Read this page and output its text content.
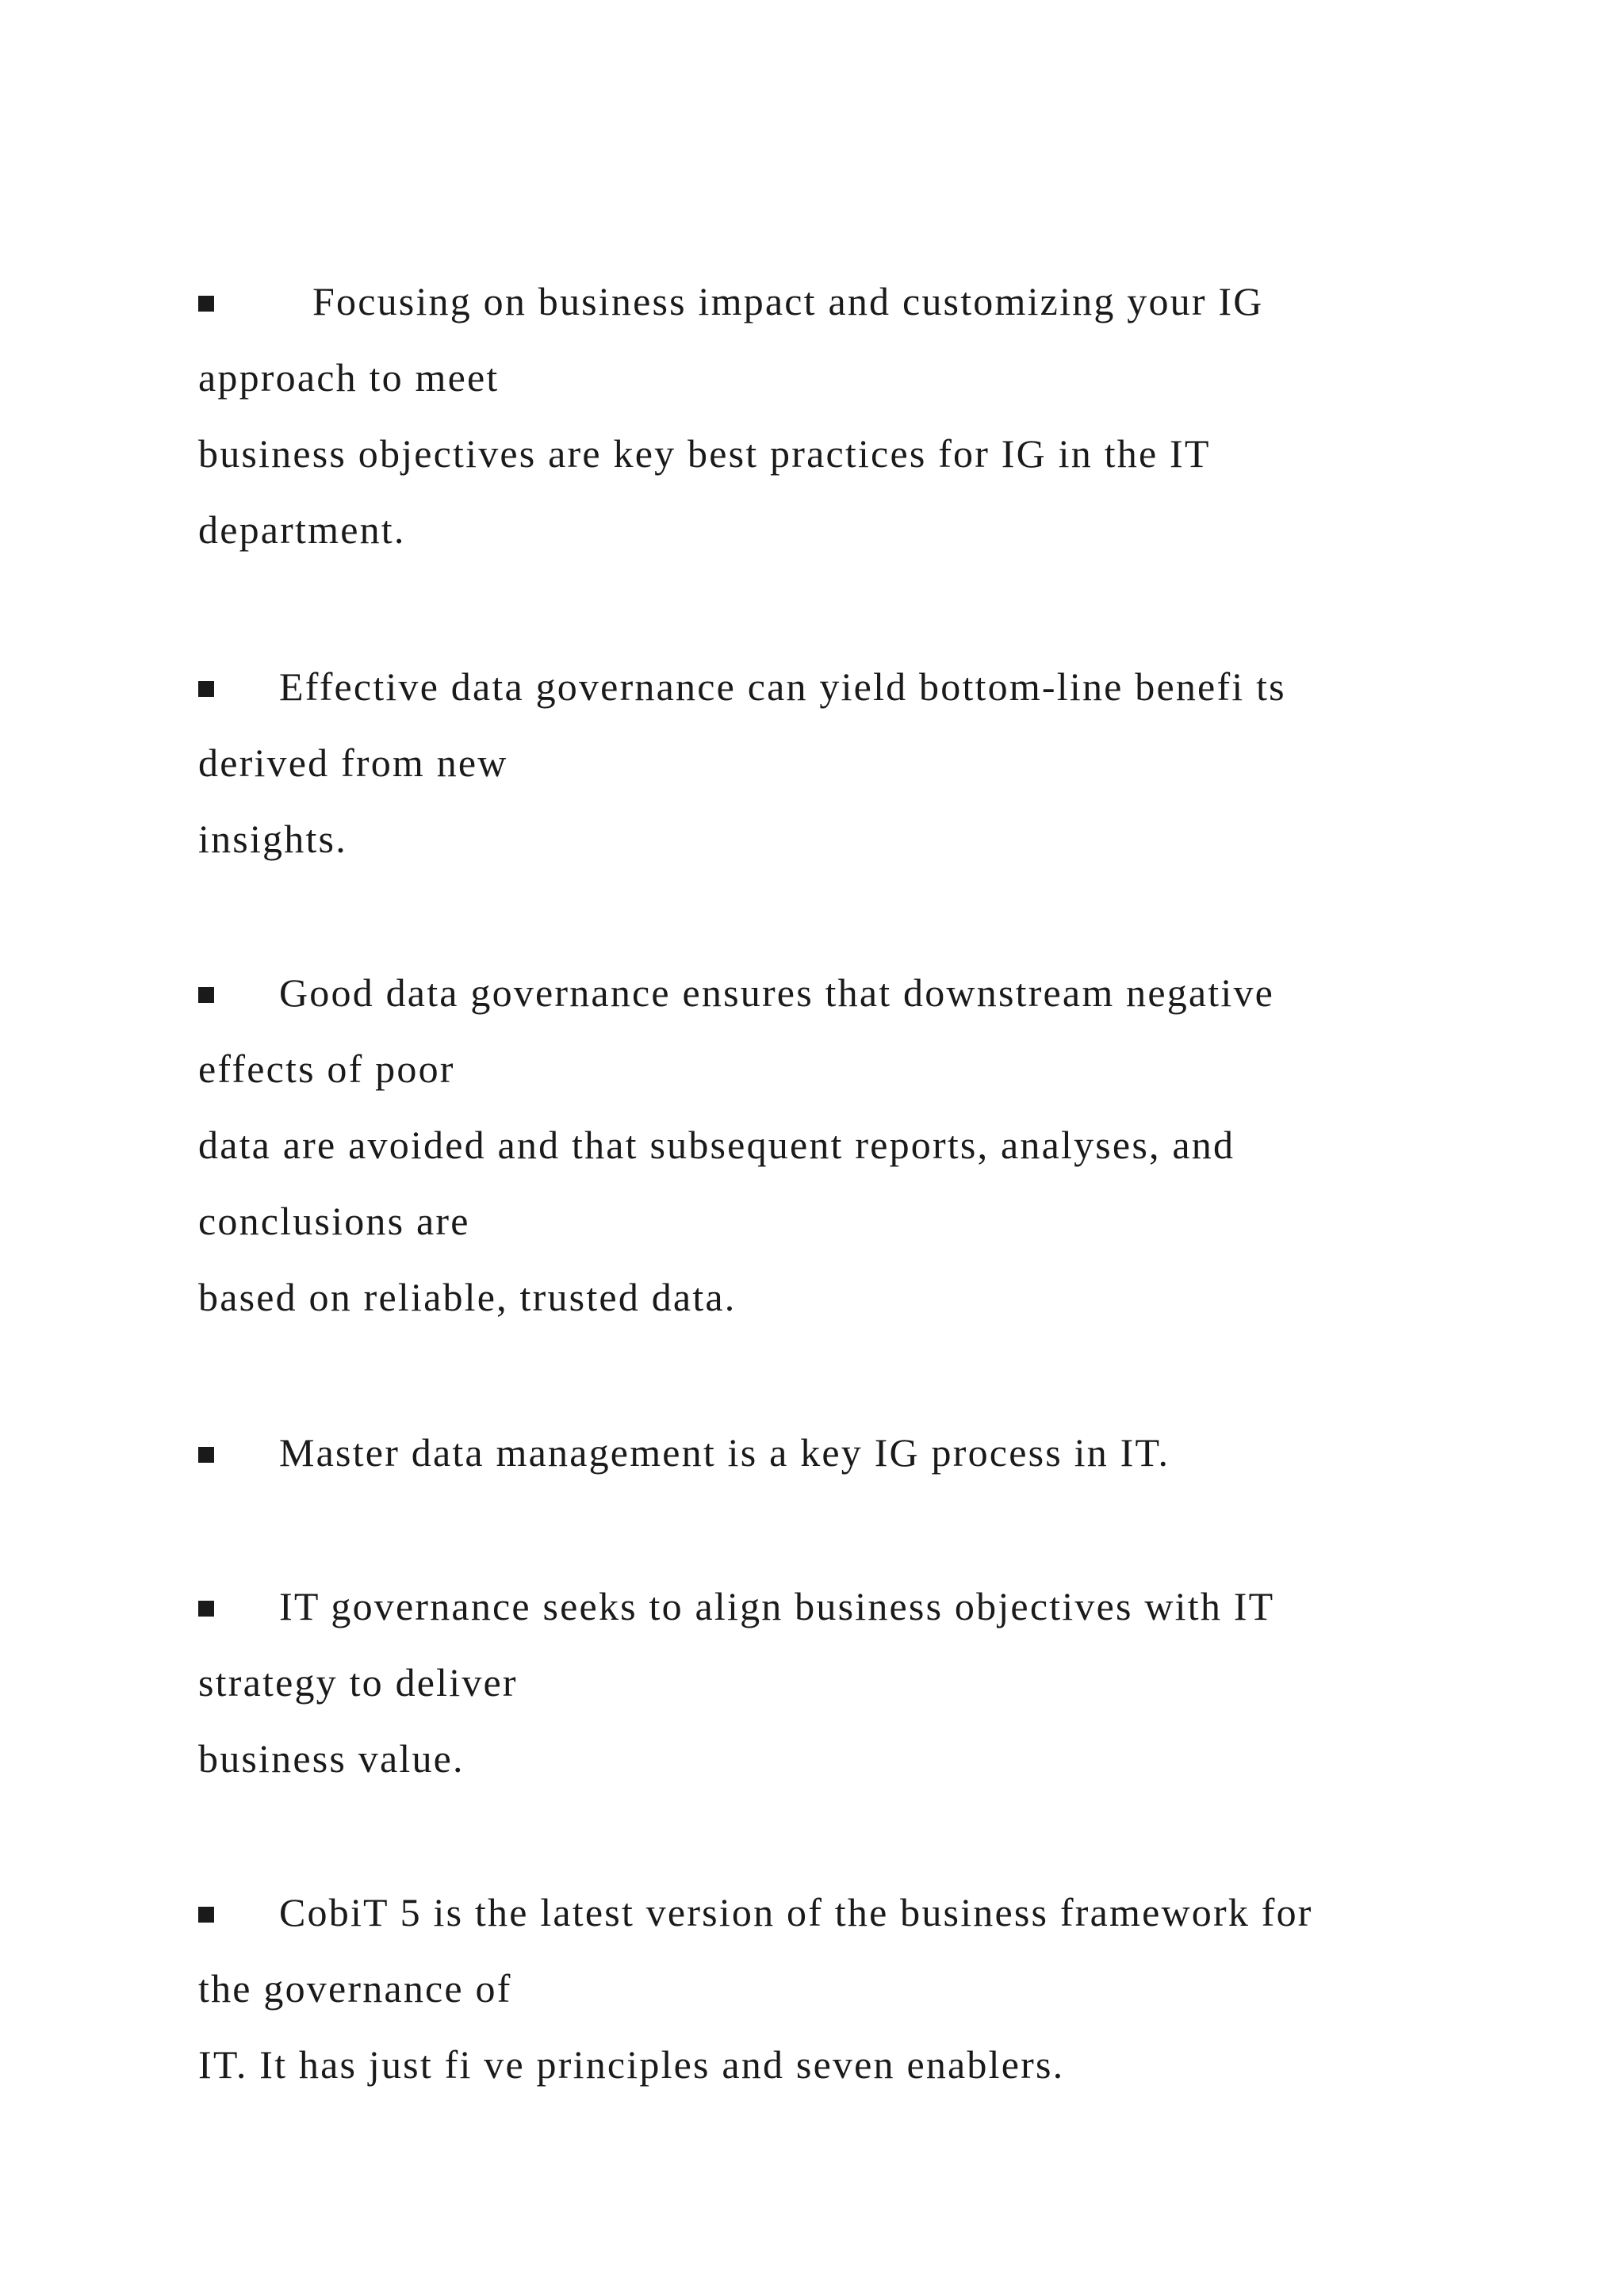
Focusing on business impact and customizing your IG
approach to meet
business objectives are key best practices for IG in the IT
department.
Effective data governance can yield bottom-line benefi ts
derived from new
insights.
Good data governance ensures that downstream negative
effects of poor
data are avoided and that subsequent reports, analyses, and
conclusions are
based on reliable, trusted data.
Master data management is a key IG process in IT.
IT governance seeks to align business objectives with IT
strategy to deliver
business value.
CobiT 5 is the latest version of the business framework for
the governance of
IT. It has just fi ve principles and seven enablers.
